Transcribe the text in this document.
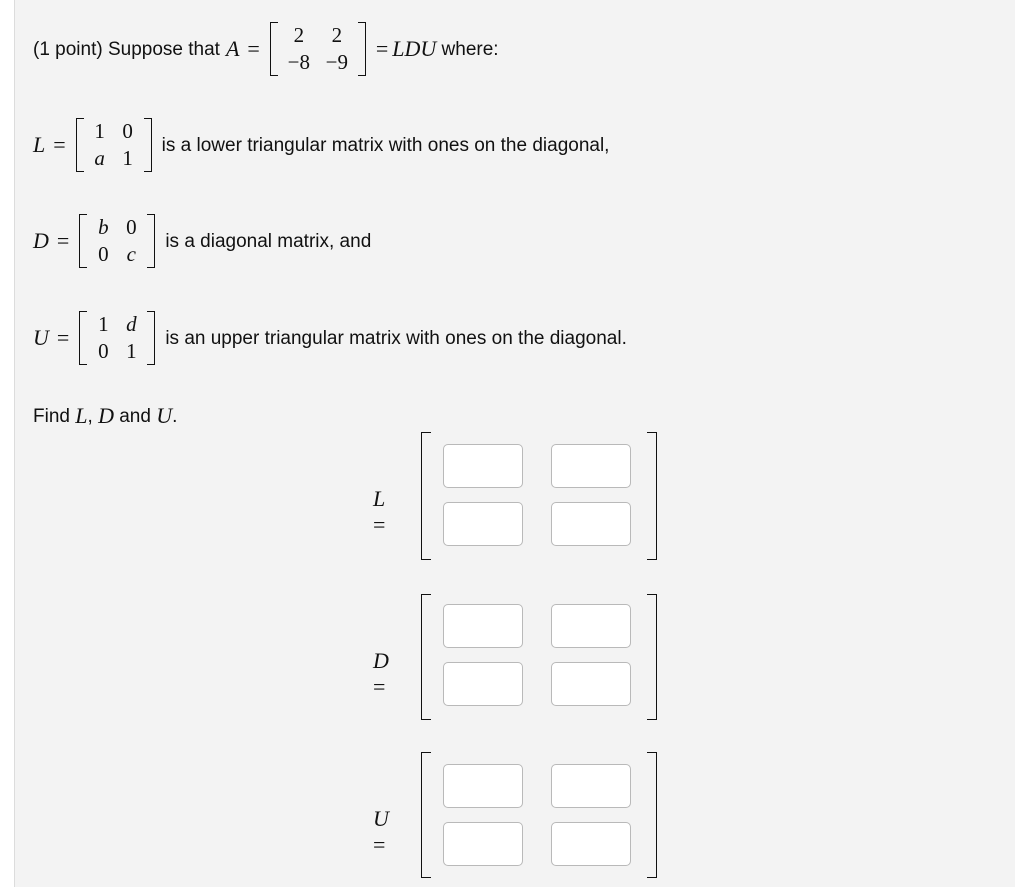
(1 point) Suppose that A =
2	2
−8	−9
= LDU where:
L =
1	0
a	1
is a lower triangular matrix with ones on the diagonal,
D =
b	0
0	c
is a diagonal matrix, and
U =
1	d
0	1
is an upper triangular matrix with ones on the diagonal.
Find L , D and U .
L =
D =
U =
